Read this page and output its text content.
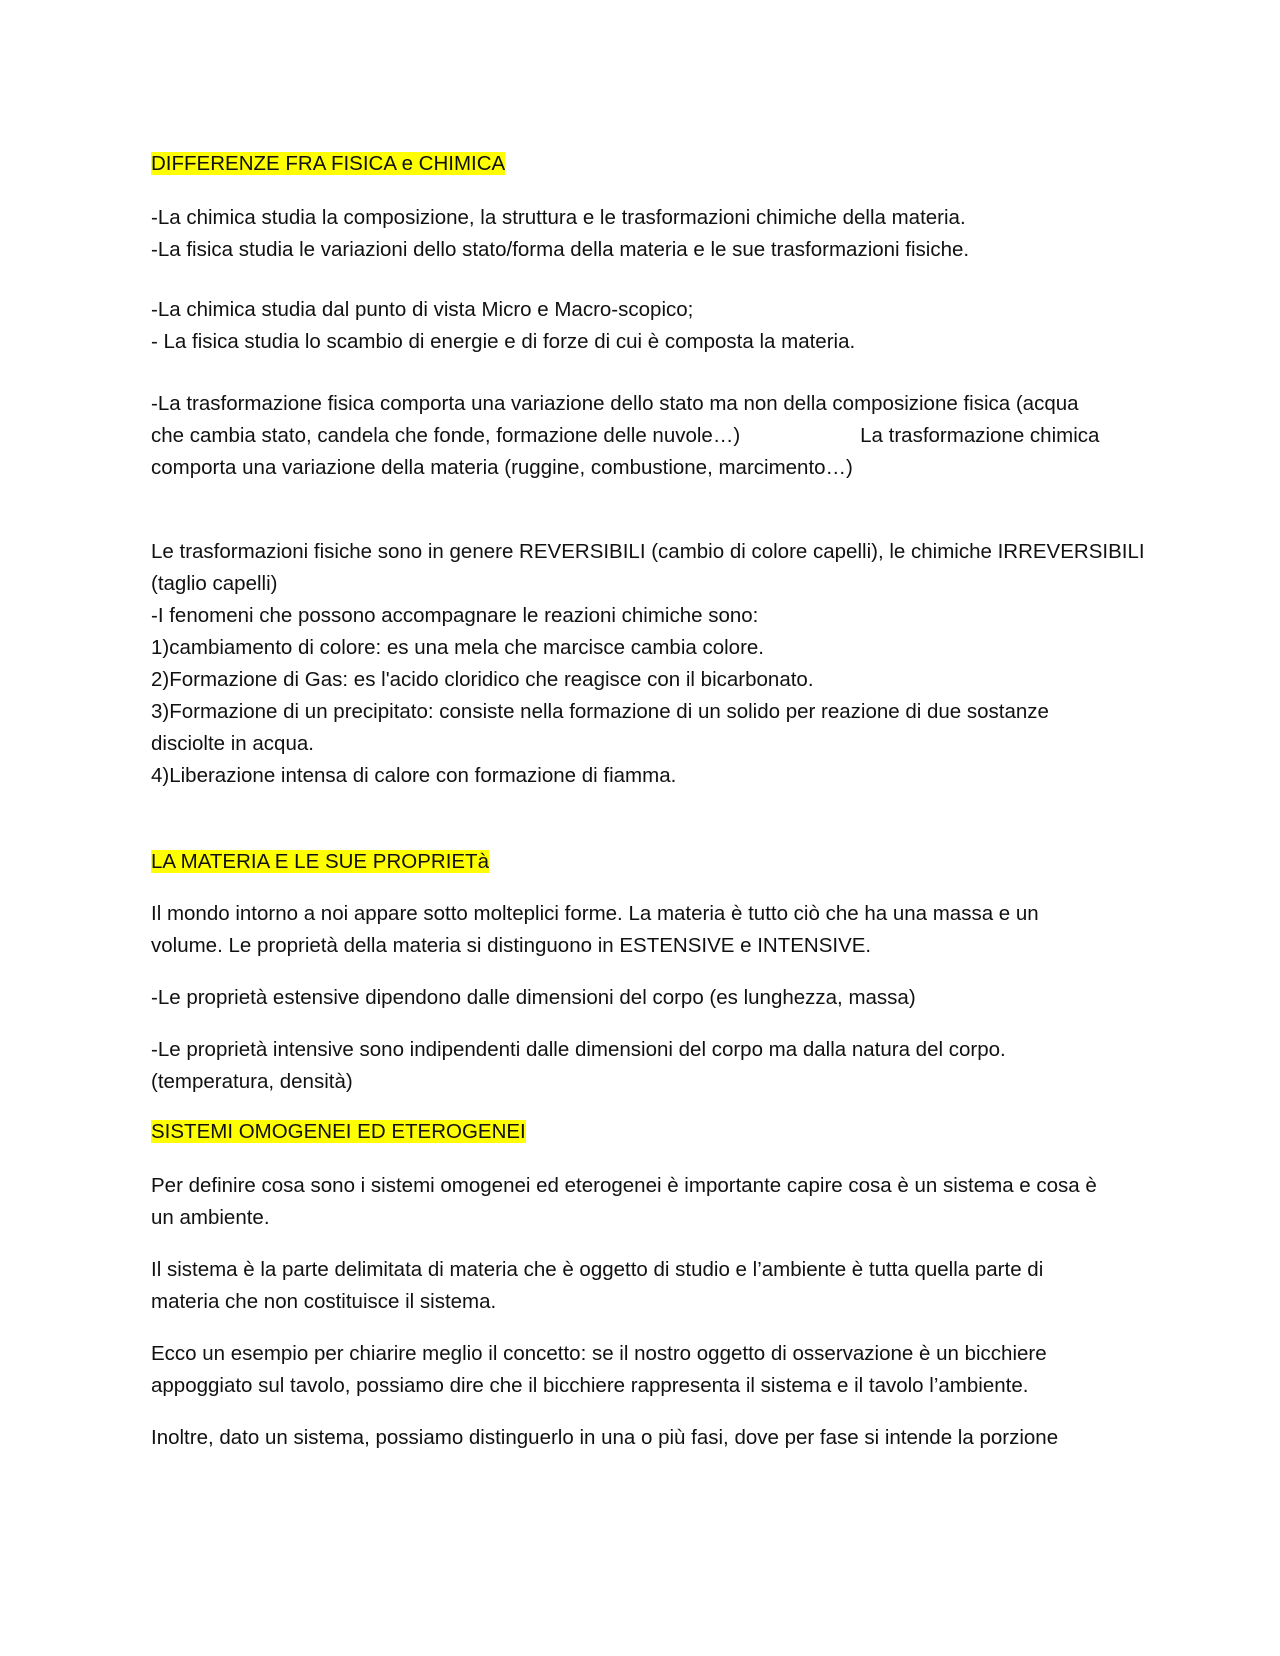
DIFFERENZE FRA FISICA e CHIMICA
-La chimica studia la composizione, la struttura e le trasformazioni chimiche della materia.
-La fisica studia le variazioni dello stato/forma della materia e le sue trasformazioni fisiche.
-La chimica studia dal punto di vista Micro e Macro-scopico;
- La fisica studia lo scambio di energie e di forze di cui è composta la materia.
-La trasformazione fisica comporta una variazione dello stato ma non della composizione fisica (acqua
che cambia stato, candela che fonde, formazione delle nuvole…)	La trasformazione chimica
comporta una variazione della materia (ruggine, combustione, marcimento…)
Le trasformazioni fisiche sono in genere REVERSIBILI (cambio di colore capelli), le chimiche IRREVERSIBILI
(taglio capelli)
-I fenomeni che possono accompagnare le reazioni chimiche sono:
1)cambiamento di colore: es una mela che marcisce cambia colore.
2)Formazione di Gas: es l'acido cloridico che reagisce con il bicarbonato.
3)Formazione di un precipitato: consiste nella formazione di un solido per reazione di due sostanze
disciolte in acqua.
4)Liberazione intensa di calore con formazione di fiamma.
LA MATERIA E LE SUE PROPRIETà
Il mondo intorno a noi appare sotto molteplici forme. La materia è tutto ciò che ha una massa e un
volume. Le proprietà della materia si distinguono in ESTENSIVE e INTENSIVE.
-Le proprietà estensive dipendono dalle dimensioni del corpo (es lunghezza, massa)
-Le proprietà intensive sono indipendenti dalle dimensioni del corpo ma dalla natura del corpo.
(temperatura, densità)
SISTEMI OMOGENEI ED ETEROGENEI
Per definire cosa sono i sistemi omogenei ed eterogenei è importante capire cosa è un sistema e cosa è
un ambiente.
Il sistema è la parte delimitata di materia che è oggetto di studio e l’ambiente è tutta quella parte di
materia che non costituisce il sistema.
Ecco un esempio per chiarire meglio il concetto: se il nostro oggetto di osservazione è un bicchiere
appoggiato sul tavolo, possiamo dire che il bicchiere rappresenta il sistema e il tavolo l’ambiente.
Inoltre, dato un sistema, possiamo distinguerlo in una o più fasi, dove per fase si intende la porzione
